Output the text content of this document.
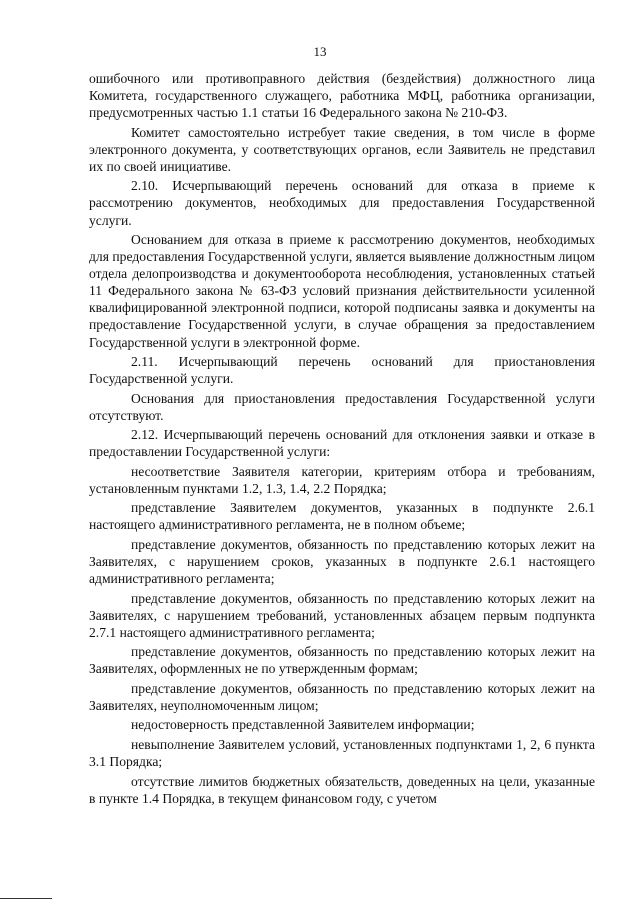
13

ошибочного или противоправного действия (бездействия) должностного лица Комитета, государственного служащего, работника МФЦ, работника организации, предусмотренных частью 1.1 статьи 16 Федерального закона № 210-ФЗ.

Комитет самостоятельно истребует такие сведения, в том числе в форме электронного документа, у соответствующих органов, если Заявитель не представил их по своей инициативе.

2.10. Исчерпывающий перечень оснований для отказа в приеме к рассмотрению документов, необходимых для предоставления Государственной услуги.

Основанием для отказа в приеме к рассмотрению документов, необходимых для предоставления Государственной услуги, является выявление должностным лицом отдела делопроизводства и документооборота несоблюдения, установленных статьей 11 Федерального закона № 63-ФЗ условий признания действительности усиленной квалифицированной электронной подписи, которой подписаны заявка и документы на предоставление Государственной услуги, в случае обращения за предоставлением Государственной услуги в электронной форме.

2.11. Исчерпывающий перечень оснований для приостановления Государственной услуги.

Основания для приостановления предоставления Государственной услуги отсутствуют.

2.12. Исчерпывающий перечень оснований для отклонения заявки и отказе в предоставлении Государственной услуги:

несоответствие Заявителя категории, критериям отбора и требованиям, установленным пунктами 1.2, 1.3, 1.4, 2.2 Порядка;

представление Заявителем документов, указанных в подпункте 2.6.1 настоящего административного регламента, не в полном объеме;

представление документов, обязанность по представлению которых лежит на Заявителях, с нарушением сроков, указанных в подпункте 2.6.1 настоящего административного регламента;

представление документов, обязанность по представлению которых лежит на Заявителях, с нарушением требований, установленных абзацем первым подпункта 2.7.1 настоящего административного регламента;

представление документов, обязанность по представлению которых лежит на Заявителях, оформленных не по утвержденным формам;

представление документов, обязанность по представлению которых лежит на Заявителях, неуполномоченным лицом;

недостоверность представленной Заявителем информации;

невыполнение Заявителем условий, установленных подпунктами 1, 2, 6 пункта 3.1 Порядка;

отсутствие лимитов бюджетных обязательств, доведенных на цели, указанные в пункте 1.4 Порядка, в текущем финансовом году, с учетом
